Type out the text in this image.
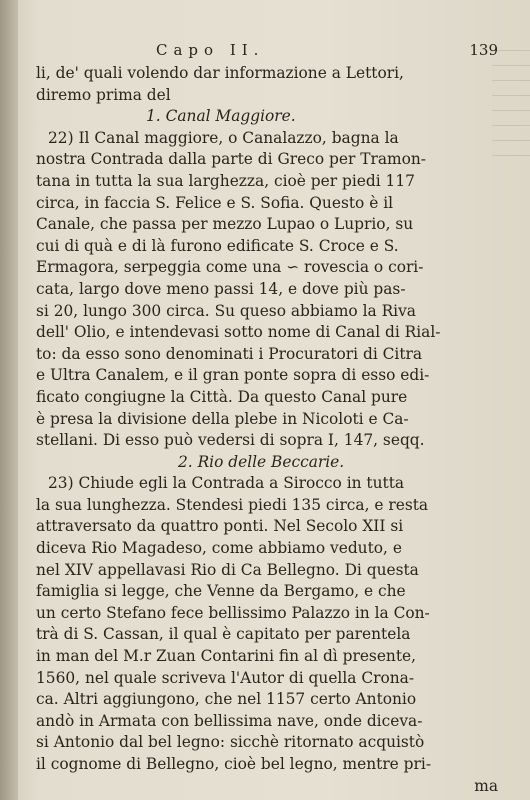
Capo II.	139
li, de' quali volendo dar informazione a Lettori,
diremo prima del
1. Canal Maggiore.
22) Il Canal maggiore, o Canalazzo, bagna la
nostra Contrada dalla parte di Greco per Tramon-
tana in tutta la sua larghezza, cioè per piedi 117
circa, in faccia S. Felice e S. Sofia. Questo è il
Canale, che passa per mezzo Lupao o Luprio, su
cui di quà e di là furono edificate S. Croce e S.
Ermagora, serpeggia come una ∽ rovescia o cori-
cata, largo dove meno passi 14, e dove più pas-
si 20, lungo 300 circa. Su queso abbiamo la Riva
dell' Olio, e intendevasi sotto nome di Canal di Rial-
to: da esso sono denominati i Procuratori di Citra
e Ultra Canalem, e il gran ponte sopra di esso edi-
ficato congiugne la Città. Da questo Canal pure
è presa la divisione della plebe in Nicoloti e Ca-
stellani. Di esso può vedersi di sopra I, 147, seqq.
2. Rio delle Beccarie.
23) Chiude egli la Contrada a Sirocco in tutta
la sua lunghezza. Stendesi piedi 135 circa, e resta
attraversato da quattro ponti. Nel Secolo XII si
diceva Rio Magadeso, come abbiamo veduto, e
nel XIV appellavasi Rio di Ca Bellegno. Di questa
famiglia si legge, che Venne da Bergamo, e che
un certo Stefano fece bellissimo Palazzo in la Con-
trà di S. Cassan, il qual è capitato per parentela
in man del M.r Zuan Contarini fin al dì presente,
1560, nel quale scriveva l'Autor di quella Crona-
ca. Altri aggiungono, che nel 1157 certo Antonio
andò in Armata con bellissima nave, onde diceva-
si Antonio dal bel legno: sicchè ritornato acquistò
il cognome di Bellegno, cioè bel legno, mentre pri-
ma
